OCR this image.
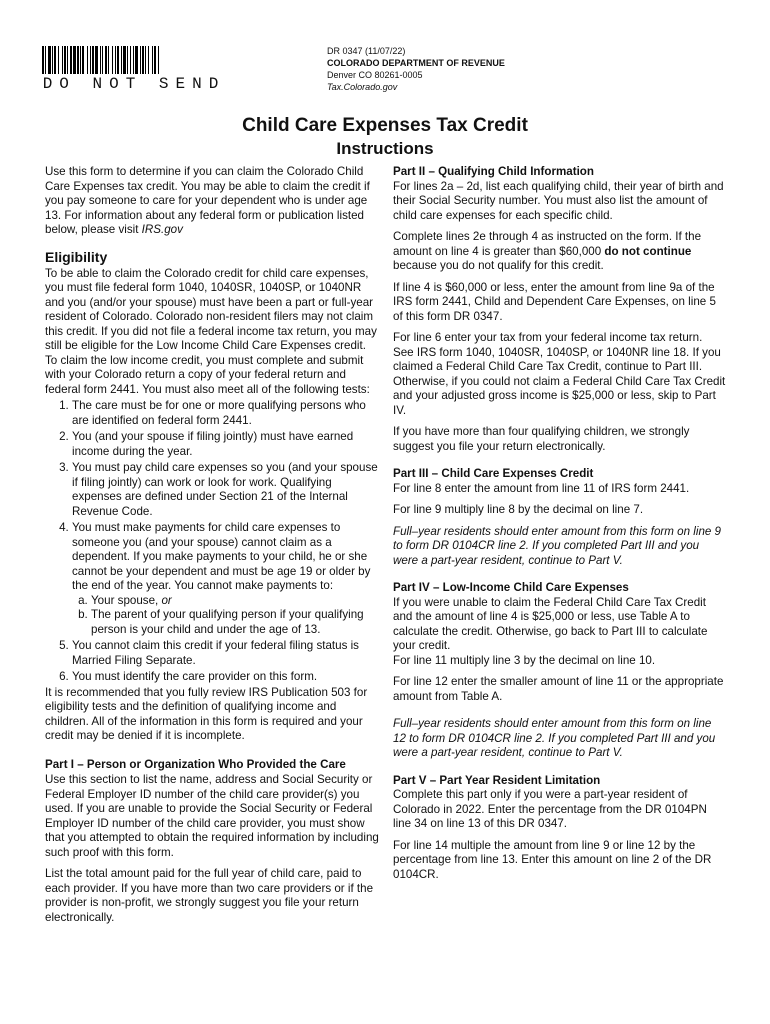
DO NOT SEND
DR 0347 (11/07/22)
COLORADO DEPARTMENT OF REVENUE
Denver CO 80261-0005
Tax.Colorado.gov
Child Care Expenses Tax Credit
Instructions

Use this form to determine if you can claim the Colorado Child Care Expenses tax credit. You may be able to claim the credit if you pay someone to care for your dependent who is under age 13. For information about any federal form or publication listed below, please visit IRS.gov

Eligibility

To be able to claim the Colorado credit for child care expenses, you must file federal form 1040, 1040SR, 1040SP, or 1040NR and you (and/or your spouse) must have been a part or full-year resident of Colorado. Colorado non-resident filers may not claim this credit. If you did not file a federal income tax return, you may still be eligible for the Low Income Child Care Expenses credit. To claim the low income credit, you must complete and submit with your Colorado return a copy of your federal return and federal form 2441. You must also meet all of the following tests:

1. The care must be for one or more qualifying persons who are identified on federal form 2441.
2. You (and your spouse if filing jointly) must have earned income during the year.
3. You must pay child care expenses so you (and your spouse if filing jointly) can work or look for work. Qualifying expenses are defined under Section 21 of the Internal Revenue Code.
4. You must make payments for child care expenses to someone you (and your spouse) cannot claim as a dependent. If you make payments to your child, he or she cannot be your dependent and must be age 19 or older by the end of the year. You cannot make payments to:
a. Your spouse, or
b. The parent of your qualifying person if your qualifying person is your child and under the age of 13.
5. You cannot claim this credit if your federal filing status is Married Filing Separate.
6. You must identify the care provider on this form.

It is recommended that you fully review IRS Publication 503 for eligibility tests and the definition of qualifying income and children. All of the information in this form is required and your credit may be denied if it is incomplete.

Part I – Person or Organization Who Provided the Care

Use this section to list the name, address and Social Security or Federal Employer ID number of the child care provider(s) you used. If you are unable to provide the Social Security or Federal Employer ID number of the child care provider, you must show that you attempted to obtain the required information by including such proof with this form.

List the total amount paid for the full year of child care, paid to each provider. If you have more than two care providers or if the provider is non-profit, we strongly suggest you file your return electronically.

Part II – Qualifying Child Information

For lines 2a – 2d, list each qualifying child, their year of birth and their Social Security number. You must also list the amount of child care expenses for each specific child.

Complete lines 2e through 4 as instructed on the form. If the amount on line 4 is greater than $60,000 do not continue because you do not qualify for this credit.

If line 4 is $60,000 or less, enter the amount from line 9a of the IRS form 2441, Child and Dependent Care Expenses, on line 5 of this form DR 0347.

For line 6 enter your tax from your federal income tax return. See IRS form 1040, 1040SR, 1040SP, or 1040NR line 18. If you claimed a Federal Child Care Tax Credit, continue to Part III. Otherwise, if you could not claim a Federal Child Care Tax Credit and your adjusted gross income is $25,000 or less, skip to Part IV.

If you have more than four qualifying children, we strongly suggest you file your return electronically.

Part III – Child Care Expenses Credit

For line 8 enter the amount from line 11 of IRS form 2441.

For line 9 multiply line 8 by the decimal on line 7.

Full–year residents should enter amount from this form on line 9 to form DR 0104CR line 2. If you completed Part III and you were a part-year resident, continue to Part V.

Part IV – Low-Income Child Care Expenses

If you were unable to claim the Federal Child Care Tax Credit and the amount of line 4 is $25,000 or less, use Table A to calculate the credit. Otherwise, go back to Part III to calculate your credit.

For line 11 multiply line 3 by the decimal on line 10.

For line 12 enter the smaller amount of line 11 or the appropriate amount from Table A.

Full–year residents should enter amount from this form on line 12 to form DR 0104CR line 2. If you completed Part III and you were a part-year resident, continue to Part V.

Part V – Part Year Resident Limitation

Complete this part only if you were a part-year resident of Colorado in 2022. Enter the percentage from the DR 0104PN line 34 on line 13 of this DR 0347.

For line 14 multiple the amount from line 9 or line 12 by the percentage from line 13. Enter this amount on line 2 of the DR 0104CR.
